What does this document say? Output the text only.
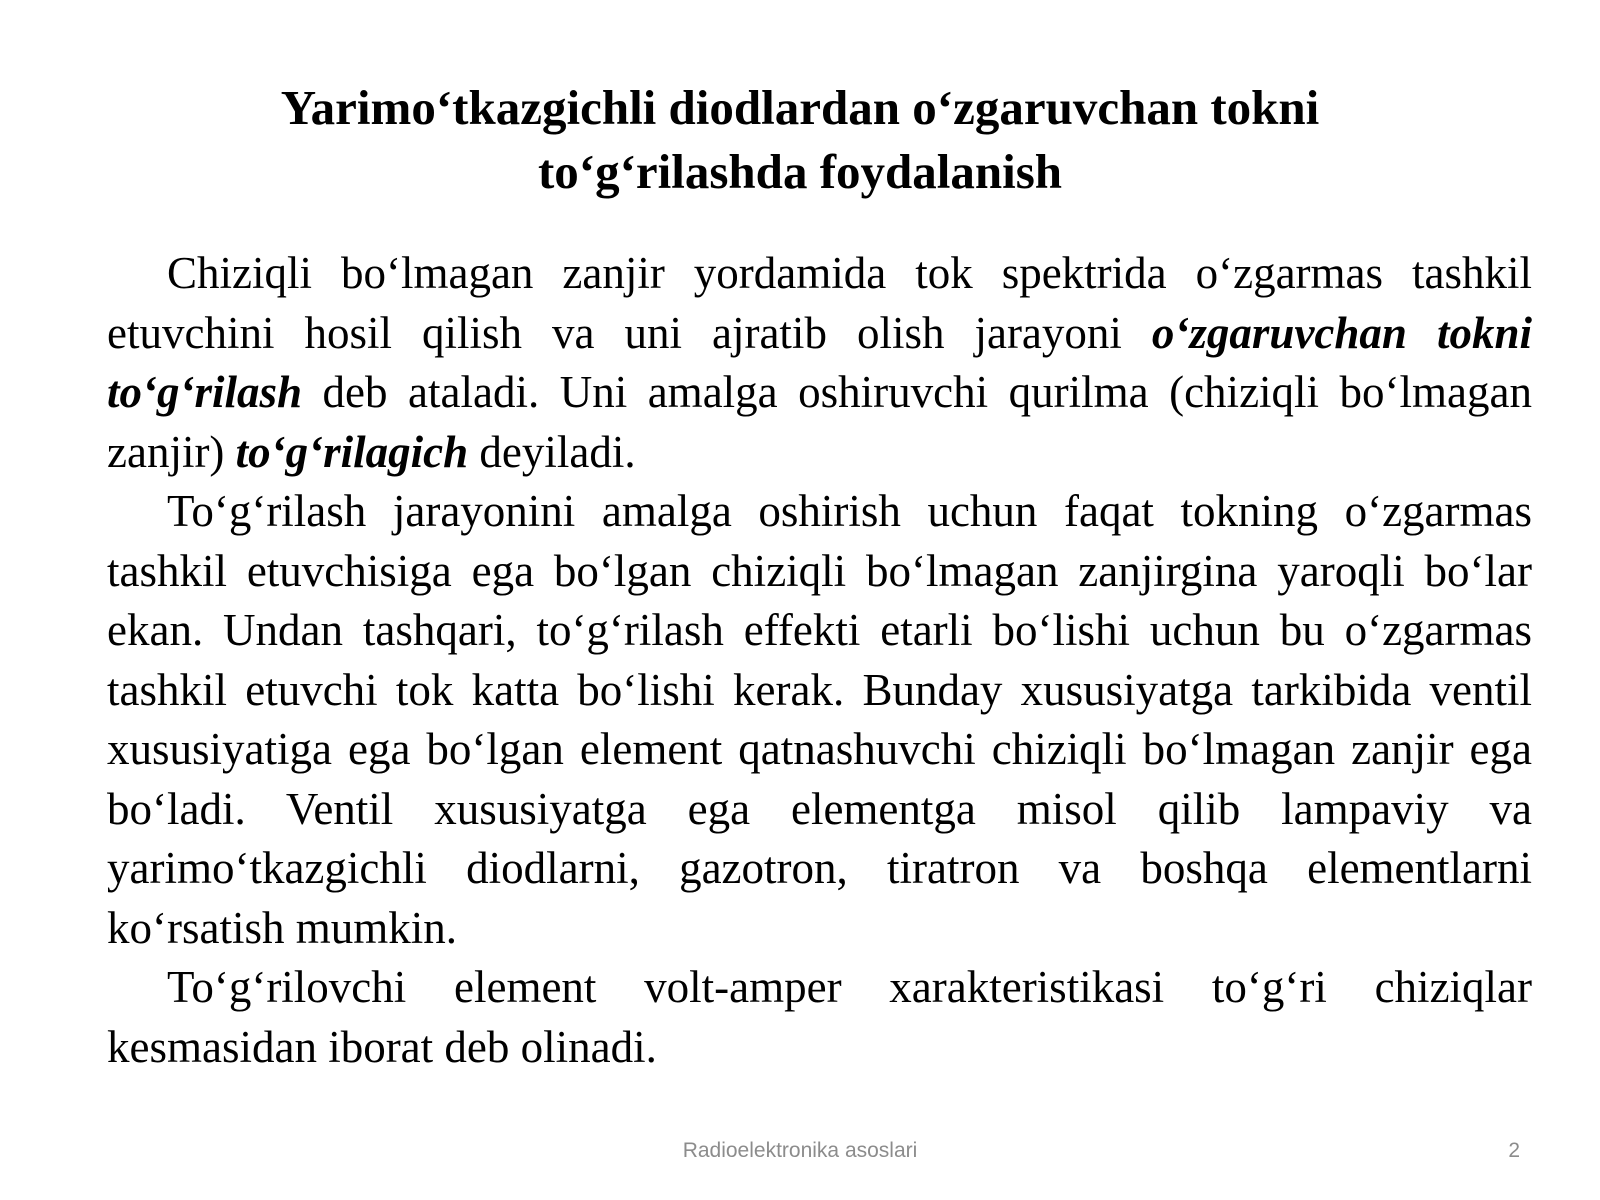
Yarimo‘tkazgichli diodlardan o‘zgaruvchan tokni
to‘g‘rilashda foydalanish

Chiziqli bo‘lmagan zanjir yordamida tok spektrida o‘zgarmas tashkil etuvchini hosil qilish va uni ajratib olish jarayoni o‘zgaruvchan tokni to‘g‘rilash deb ataladi. Uni amalga oshiruvchi qurilma (chiziqli bo‘lmagan zanjir) to‘g‘rilagich deyiladi.

To‘g‘rilash jarayonini amalga oshirish uchun faqat tokning o‘zgarmas tashkil etuvchisiga ega bo‘lgan chiziqli bo‘lmagan zanjirgina yaroqli bo‘lar ekan. Undan tashqari, to‘g‘rilash effekti etarli bo‘lishi uchun bu o‘zgarmas tashkil etuvchi tok katta bo‘lishi kerak. Bunday xususiyatga tarkibida ventil xususiyatiga ega bo‘lgan element qatnashuvchi chiziqli bo‘lmagan zanjir ega bo‘ladi. Ventil xususiyatga ega elementga misol qilib lampaviy va yarimo‘tkazgichli diodlarni, gazotron, tiratron va boshqa elementlarni ko‘rsatish mumkin.

To‘g‘rilovchi element volt-amper xarakteristikasi to‘g‘ri chiziqlar kesmasidan iborat deb olinadi.

Radioelektronika asoslari	2
